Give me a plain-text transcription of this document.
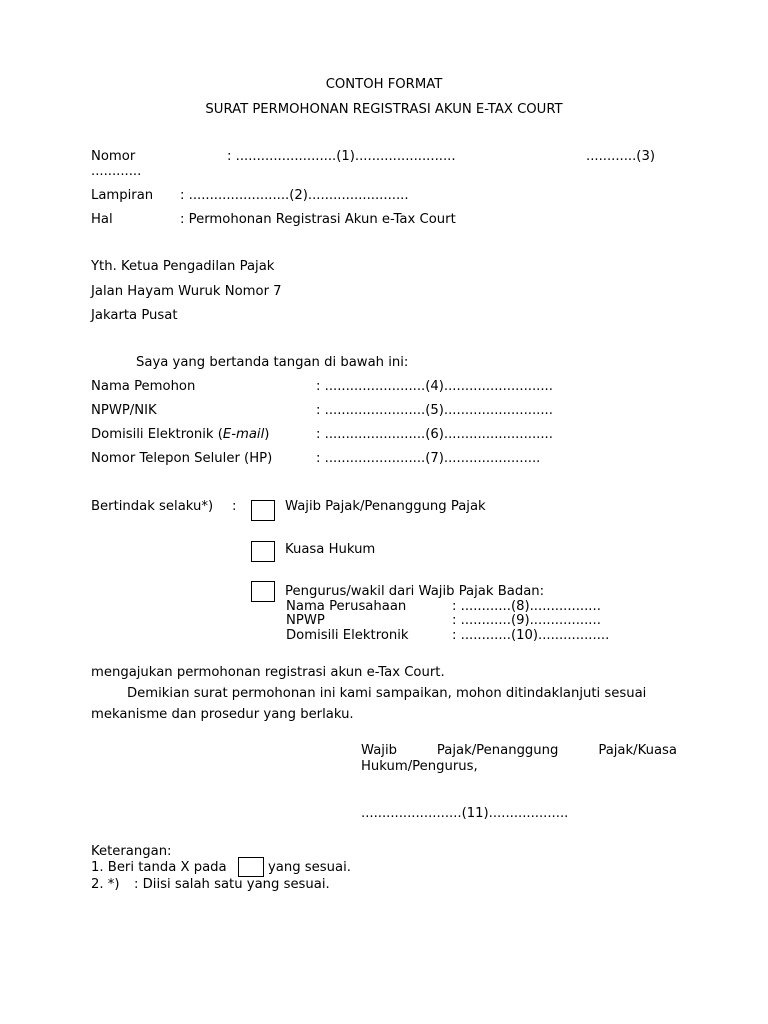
CONTOH FORMAT
SURAT PERMOHONAN REGISTRASI AKUN E-TAX COURT
Nomor	: ........................(1)........................	............(3)
............
Lampiran : ........................(2)........................
Hal	: Permohonan Registrasi Akun e-Tax Court
Yth. Ketua Pengadilan Pajak
Jalan Hayam Wuruk Nomor 7
Jakarta Pusat
Saya yang bertanda tangan di bawah ini:
Nama Pemohon	: ........................(4)..........................
NPWP/NIK	: ........................(5)..........................
Domisili Elektronik (E-mail)	: ........................(6)..........................
Nomor Telepon Seluler (HP)	: ........................(7).......................
Bertindak selaku*) :	Wajib Pajak/Penanggung Pajak
Kuasa Hukum
Pengurus/wakil dari Wajib Pajak Badan:
Nama Perusahaan	: ............(8).................
NPWP	: ............(9).................
Domisili Elektronik	: ............(10).................
mengajukan permohonan registrasi akun e-Tax Court.
Demikian surat permohonan ini kami sampaikan, mohon ditindaklanjuti sesuai
mekanisme dan prosedur yang berlaku.
Wajib	Pajak/Penanggung	Pajak/Kuasa
Hukum/Pengurus,
........................(11)...................
Keterangan:
1. Beri tanda X pada	yang sesuai.
2. *) : Diisi salah satu yang sesuai.
